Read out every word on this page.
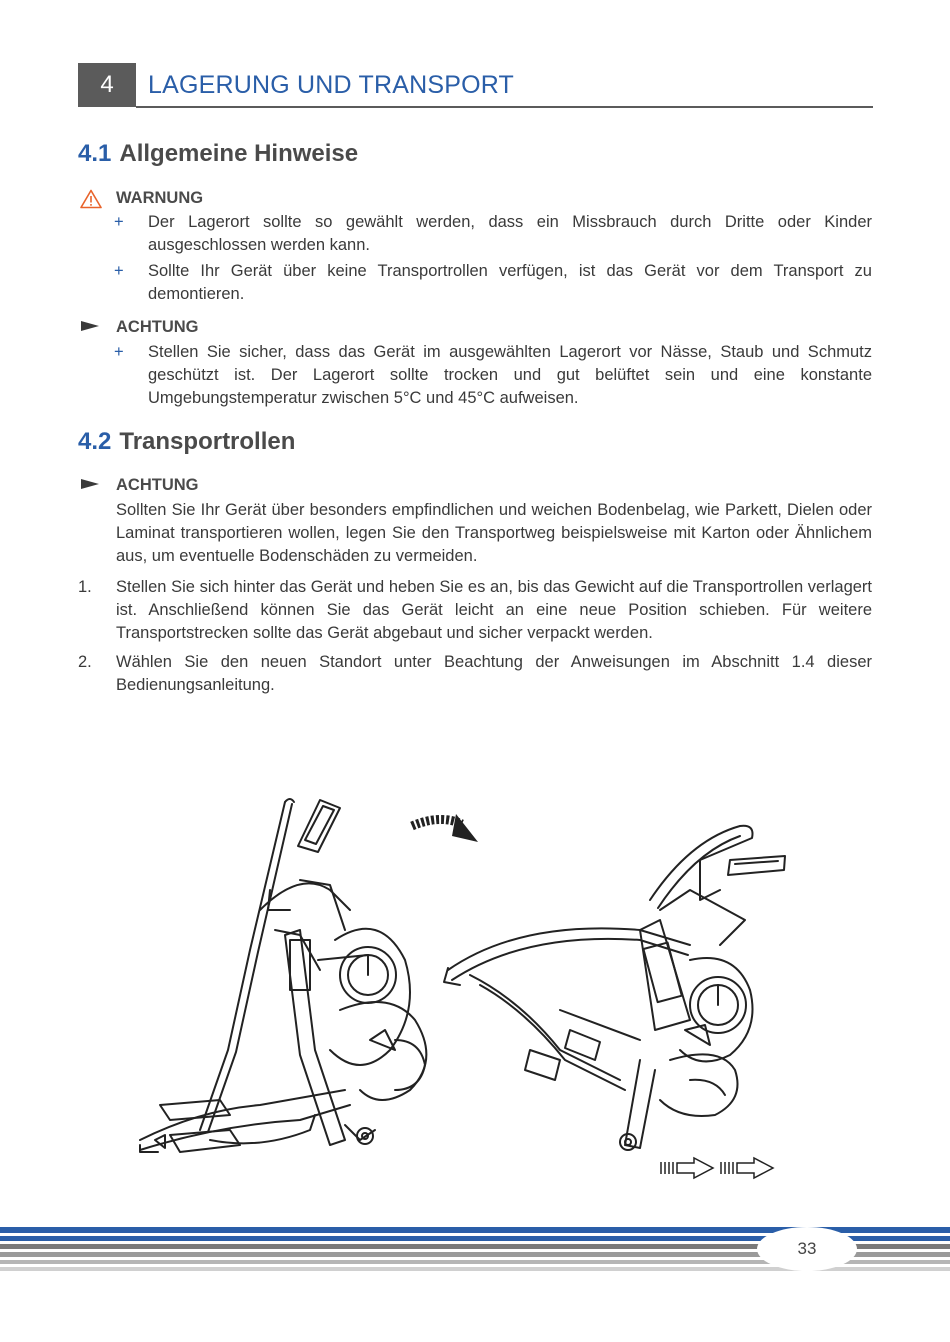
4	LAGERUNG UND TRANSPORT
4.1 Allgemeine Hinweise
WARNUNG
+ Der Lagerort sollte so gewählt werden, dass ein Missbrauch durch Dritte oder Kinder ausgeschlossen werden kann.
+ Sollte Ihr Gerät über keine Transportrollen verfügen, ist das Gerät vor dem Transport zu demontieren.
ACHTUNG
+ Stellen Sie sicher, dass das Gerät im ausgewählten Lagerort vor Nässe, Staub und Schmutz geschützt ist. Der Lagerort sollte trocken und gut belüftet sein und eine konstante Umgebungstemperatur zwischen 5°C und 45°C aufweisen.
4.2 Transportrollen
ACHTUNG
Sollten Sie Ihr Gerät über besonders empfindlichen und weichen Bodenbelag, wie Parkett, Dielen oder Laminat transportieren wollen, legen Sie den Transportweg beispielsweise mit Karton oder Ähnlichem aus, um eventuelle Bodenschäden zu vermeiden.
1. Stellen Sie sich hinter das Gerät und heben Sie es an, bis das Gewicht auf die Transportrollen verlagert ist. Anschließend können Sie das Gerät leicht an eine neue Position schieben. Für weitere Transportstrecken sollte das Gerät abgebaut und sicher verpackt werden.
2. Wählen Sie den neuen Standort unter Beachtung der Anweisungen im Abschnitt 1.4 dieser Bedienungsanleitung.
33
